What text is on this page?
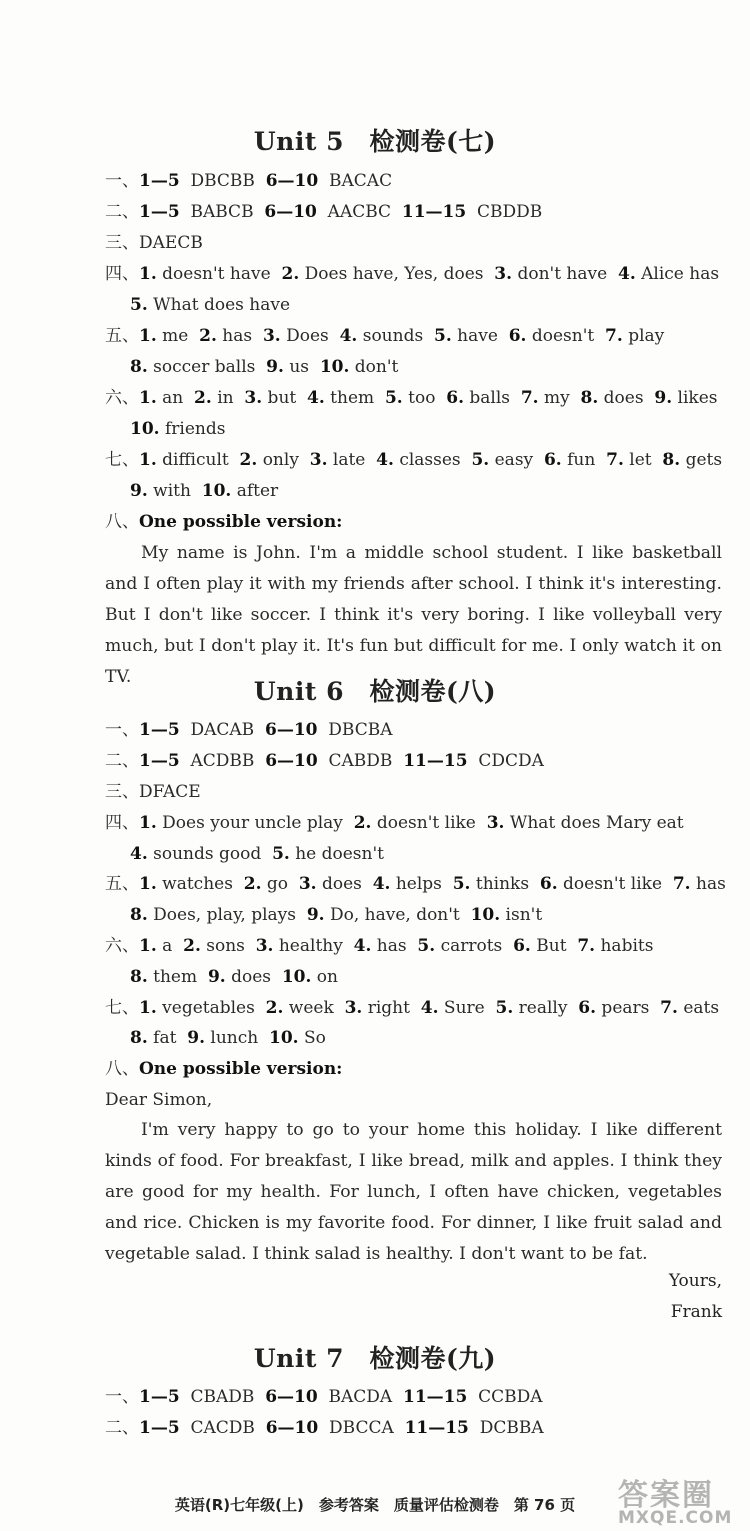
Unit 5　检测卷(七)
一、1—5  DBCBB  6—10  BACAC
二、1—5  BABCB  6—10  AACBC  11—15  CBDDB
三、DAECB
四、1. doesn't have  2. Does have, Yes, does  3. don't have  4. Alice has
5. What does have
五、1. me  2. has  3. Does  4. sounds  5. have  6. doesn't  7. play
8. soccer balls  9. us  10. don't
六、1. an  2. in  3. but  4. them  5. too  6. balls  7. my  8. does  9. likes
10. friends
七、1. difficult  2. only  3. late  4. classes  5. easy  6. fun  7. let  8. gets
9. with  10. after
八、One possible version:
My name is John. I'm a middle school student. I like basketball and I often play it with my friends after school. I think it's interesting. But I don't like soccer. I think it's very boring. I like volleyball very much, but I don't play it. It's fun but difficult for me. I only watch it on TV.	Unit 6　检测卷(八)
一、1—5  DACAB  6—10  DBCBA
二、1—5  ACDBB  6—10  CABDB  11—15  CDCDA
三、DFACE
四、1. Does your uncle play  2. doesn't like  3. What does Mary eat
4. sounds good  5. he doesn't
五、1. watches  2. go  3. does  4. helps  5. thinks  6. doesn't like  7. has
8. Does, play, plays  9. Do, have, don't  10. isn't
六、1. a  2. sons  3. healthy  4. has  5. carrots  6. But  7. habits
8. them  9. does  10. on
七、1. vegetables  2. week  3. right  4. Sure  5. really  6. pears  7. eats
8. fat  9. lunch  10. So
八、One possible version:
Dear Simon,
I'm very happy to go to your home this holiday. I like different kinds of food. For breakfast, I like bread, milk and apples. I think they are good for my health. For lunch, I often have chicken, vegetables and rice. Chicken is my favorite food. For dinner, I like fruit salad and vegetable salad. I think salad is healthy. I don't want to be fat.
Yours,
Frank
Unit 7　检测卷(九)
一、1—5  CBADB  6—10  BACDA  11—15  CCBDA
二、1—5  CACDB  6—10  DBCCA  11—15  DCBBA
英语(R)七年级(上)　参考答案　质量评估检测卷　第 76 页	答案圈
MXQE.COM
